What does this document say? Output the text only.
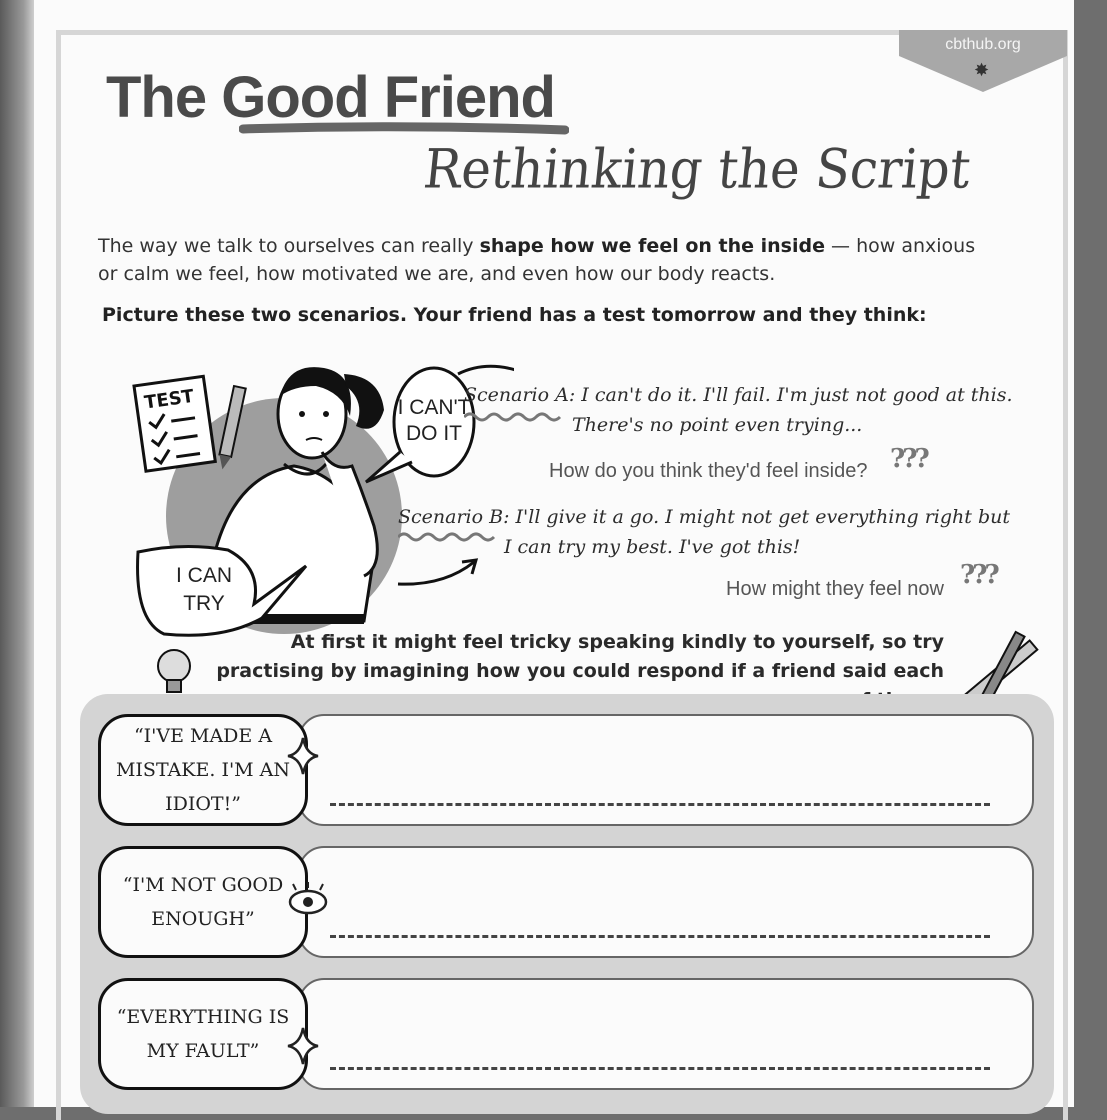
cbthub.org
✸
The Good Friend
Rethinking the Script
The way we talk to ourselves can really shape how we feel on the inside — how anxious or calm we feel, how motivated we are, and even how our body reacts.
Picture these two scenarios. Your friend has a test tomorrow and they think:
TEST	I CAN'T
DO IT
I CAN
TRY
Scenario A: I can't do it. I'll fail. I'm just not good at this.
There's no point even trying...
How do you think they'd feel inside? ???
Scenario B: I'll give it a go. I might not get everything right but
I can try my best. I've got this!
How might they feel now ???
At first it might feel tricky speaking kindly to yourself, so try
practising by imagining how you could respond if a friend said each
“I'VE MADE A MISTAKE. I'M AN IDIOT!”
“I'M NOT GOOD ENOUGH”
“EVERYTHING IS MY FAULT”
